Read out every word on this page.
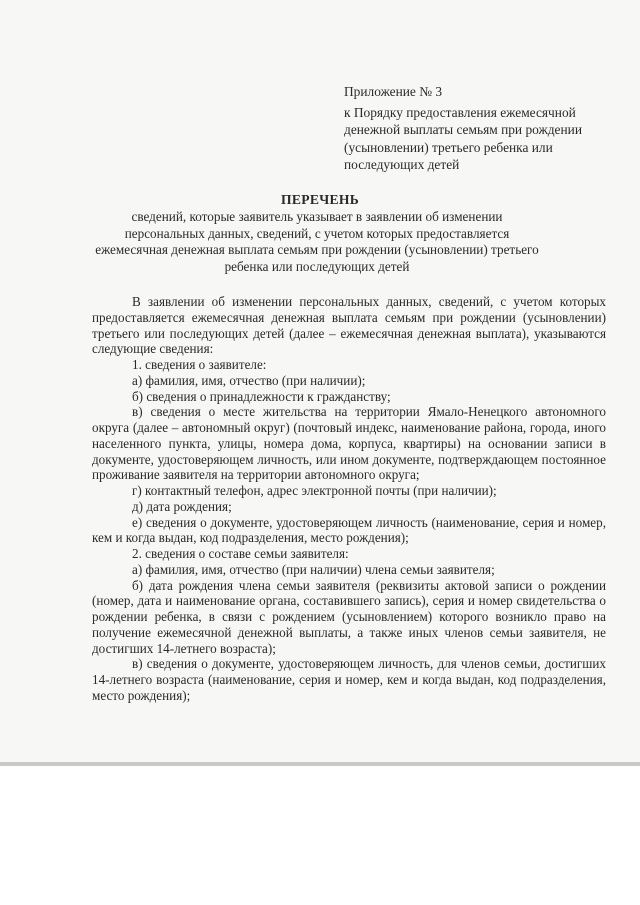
Приложение № 3
к Порядку предоставления ежемесячной денежной выплаты семьям при рождении (усыновлении) третьего ребенка или последующих детей
ПЕРЕЧЕНЬ
сведений, которые заявитель указывает в заявлении об изменении персональных данных, сведений, с учетом которых предоставляется ежемесячная денежная выплата семьям при рождении (усыновлении) третьего ребенка или последующих детей

В заявлении об изменении персональных данных, сведений, с учетом которых предоставляется ежемесячная денежная выплата семьям при рождении (усыновлении) третьего или последующих детей (далее – ежемесячная денежная выплата), указываются следующие сведения:

1. сведения о заявителе:

а) фамилия, имя, отчество (при наличии);

б) сведения о принадлежности к гражданству;

в) сведения о месте жительства на территории Ямало-Ненецкого автономного округа (далее – автономный округ) (почтовый индекс, наименование района, города, иного населенного пункта, улицы, номера дома, корпуса, квартиры) на основании записи в документе, удостоверяющем личность, или ином документе, подтверждающем постоянное проживание заявителя на территории автономного округа;

г) контактный телефон, адрес электронной почты (при наличии);

д) дата рождения;

е) сведения о документе, удостоверяющем личность (наименование, серия и номер, кем и когда выдан, код подразделения, место рождения);

2. сведения о составе семьи заявителя:

а) фамилия, имя, отчество (при наличии) члена семьи заявителя;

б) дата рождения члена семьи заявителя (реквизиты актовой записи о рождении (номер, дата и наименование органа, составившего запись), серия и номер свидетельства о рождении ребенка, в связи с рождением (усыновлением) которого возникло право на получение ежемесячной денежной выплаты, а также иных членов семьи заявителя, не достигших 14-летнего возраста);

в) сведения о документе, удостоверяющем личность, для членов семьи, достигших 14-летнего возраста (наименование, серия и номер, кем и когда выдан, код подразделения, место рождения);
